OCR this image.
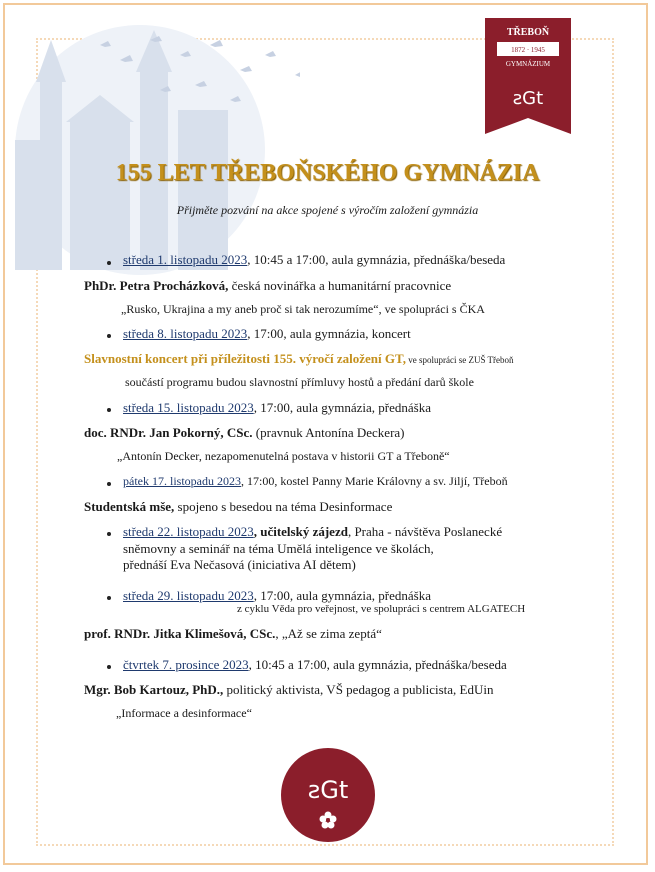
TŘEBOŇ
1872 · 1945
GYMNÁZIUM
ƨGt
155 LET TŘEBOŇSKÉHO GYMNÁZIA
Přijměte pozvání na akce spojené s výročím založení gymnázia
středa 1. listopadu 2023, 10:45 a 17:00, aula gymnázia, přednáška/beseda
PhDr. Petra Procházková, česká novinářka a humanitární pracovnice
„Rusko, Ukrajina a my aneb proč si tak nerozumíme“, ve spolupráci s ČKA
středa 8. listopadu 2023, 17:00, aula gymnázia, koncert
Slavnostní koncert při příležitosti 155. výročí založení GT, ve spolupráci se ZUŠ Třeboň
součástí programu budou slavnostní přímluvy hostů a předání darů škole
středa 15. listopadu 2023, 17:00, aula gymnázia, přednáška
doc. RNDr. Jan Pokorný, CSc. (pravnuk Antonína Deckera)
„Antonín Decker, nezapomenutelná postava v historii GT a Třeboně“
pátek 17. listopadu 2023, 17:00, kostel Panny Marie Královny a sv. Jiljí, Třeboň
Studentská mše, spojeno s besedou na téma Desinformace
středa 22. listopadu 2023, učitelský zájezd, Praha - návštěva Poslanecké
sněmovny a seminář na téma Umělá inteligence ve školách,
přednáší Eva Nečasová (iniciativa AI dětem)
středa 29. listopadu 2023, 17:00, aula gymnázia, přednáška
z cyklu Věda pro veřejnost, ve spolupráci s centrem ALGATECH
prof. RNDr. Jitka Klimešová, CSc., „Až se zima zeptá“
čtvrtek 7. prosince 2023, 10:45 a 17:00, aula gymnázia, přednáška/beseda
Mgr. Bob Kartouz, PhD., politický aktivista, VŠ pedagog a publicista, EdUin
„Informace a desinformace“
ƨGt
